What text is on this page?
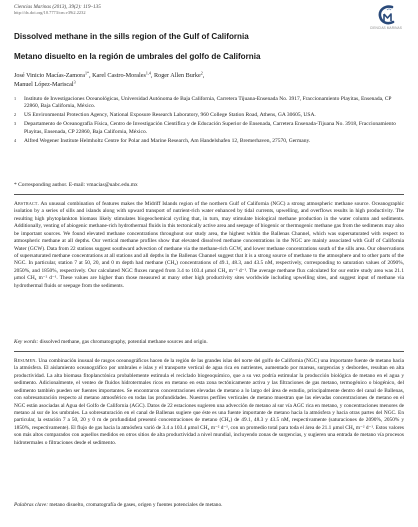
Ciencias Marinas (2013), 39(2): 119–135
http://dx.doi.org/10.7773/cm.v39i2.2232
CIENCIAS MARINAS
Dissolved methane in the sills region of the Gulf of California
Metano disuelto en la región de umbrales del golfo de California
José Vinicio Macías-Zamora$^{1*}$, Karel Castro-Morales$^{1,4}$, Roger Allen Burke$^2$,
Manuel López-Mariscal$^3$
1	Instituto de Investigaciones Oceanológicas, Universidad Autónoma de Baja California, Carretera Tijuana-Ensenada No. 3917, Fraccionamiento Playitas, Ensenada, CP 22860, Baja California, México.
2	US Environmental Protection Agency, National Exposure Research Laboratory, 960 College Station Road, Athens, GA 30605, USA.
3	Departamento de Oceanografía Física, Centro de Investigación Científica y de Educación Superior de Ensenada, Carretera Ensenada-Tijuana No. 3918, Fraccionamiento Playitas, Ensenada, CP 22860, Baja California, México.
4	Alfred Wegener Institute Helmholtz Centre for Polar and Marine Research, Am Handelshafen 12, Bremerhaven, 27570, Germany.
* Corresponding author. E-mail: vmacias@uabc.edu.mx
Abstract. An unusual combination of features makes the Midriff Islands region of the northern Gulf of California (NGC) a strong atmospheric methane source. Oceanographic isolation by a series of sills and islands along with upward transport of nutrient-rich water enhanced by tidal currents, upwelling, and overflows results in high productivity. The resulting high phytoplankton biomass likely stimulates biogeochemical cycling that, in turn, may stimulate biological methane production in the water column and sediments. Additionally, venting of abiogenic methane-rich hydrothermal fluids in this tectonically active area and seepage of biogenic or thermogenic methane gas from the sediments may also be important sources. We found elevated methane concentrations throughout our study area, the highest within the Ballenas Channel, which was supersaturated with respect to atmospheric methane at all depths. Our vertical methane profiles show that elevated dissolved methane concentrations in the NGC are mainly associated with Gulf of California Water (GCW). Data from 22 stations suggest southward advection of methane via the methane-rich GCW, and lower methane concentrations south of the sills area. Our observations of supersaturated methane concentrations at all stations and all depths in the Ballenas Channel suggest that it is a strong source of methane to the atmosphere and to other parts of the NGC. In particular, station 7 at 50, 20, and 0 m depth had methane (CH₄) concentrations of 49.1, 48.3, and 43.5 nM, respectively, corresponding to saturation values of 2090%, 2050%, and 1850%, respectively. Our calculated NGC fluxes ranged from 3.4 to 103.4 μmol CH₄ m⁻² d⁻¹. The average methane flux calculated for our entire study area was 21.1 μmol CH₄ m⁻² d⁻¹. These values are higher than those measured at many other high productivity sites worldwide including upwelling sites, and suggest input of methane via hydrothermal fluids or seepage from the sediments.
Key words: dissolved methane, gas chromatography, potential methane sources and origin.
Resumen. Una combinación inusual de rasgos oceanográficos hacen de la región de las grandes islas del norte del golfo de California (NGC) una importante fuente de metano hacia la atmósfera. El aislamiento oceanográfico por umbrales e islas y el transporte vertical de agua rica en nutrientes, aumentado por mareas, surgencias y desbordes, resultan en alta productividad. La alta biomasa fitoplanctónica probablemente estimula el reciclado biogeoquímico, que a su vez podría estimular la producción biológica de metano en el agua y sedimento. Adicionalmente, el venteo de fluidos hidrotermales ricos en metano en esta zona tectónicamente activa y las filtraciones de gas metano, termogénico o biogénico, del sedimento también pueden ser fuentes importantes. Se encontraron concentraciones elevadas de metano a lo largo del área de estudio, principalmente dentro del canal de Ballenas, con sobresaturación respecto al metano atmosférico en todas las profundidades. Nuestros perfiles verticales de metano muestran que las elevadas concentraciones de metano en el NGC están asociadas al Agua del Golfo de California (AGC). Datos de 22 estaciones sugieren una advección de metano al sur vía AGC rica en metano, y concentraciones menores de metano al sur de los umbrales. La sobresaturación en el canal de Ballenas sugiere que éste es una fuente importante de metano hacia la atmósfera y hacia otras partes del NGC. En particular, la estación 7 a 50, 20 y 0 m de profundidad presentó concentraciones de metano (CH₄) de 49.1, 48.3 y 43.5 nM, respectivamente (saturaciones de 2090%, 2050% y 1850%, respectivamente). El flujo de gas hacia la atmósfera varió de 3.4 a 103.4 μmol CH₄ m⁻² d⁻¹, con un promedio total para toda el área de 21.1 μmol CH₄ m⁻² d⁻¹. Estos valores son más altos comparados con aquellos medidos en otros sitios de alta productividad a nivel mundial, incluyendo zonas de surgencias, y sugieren una entrada de metano vía procesos hidrotermales o filtraciones desde el sedimento.
Palabras clave: metano disuelto, cromatografía de gases, origen y fuentes potenciales de metano.
